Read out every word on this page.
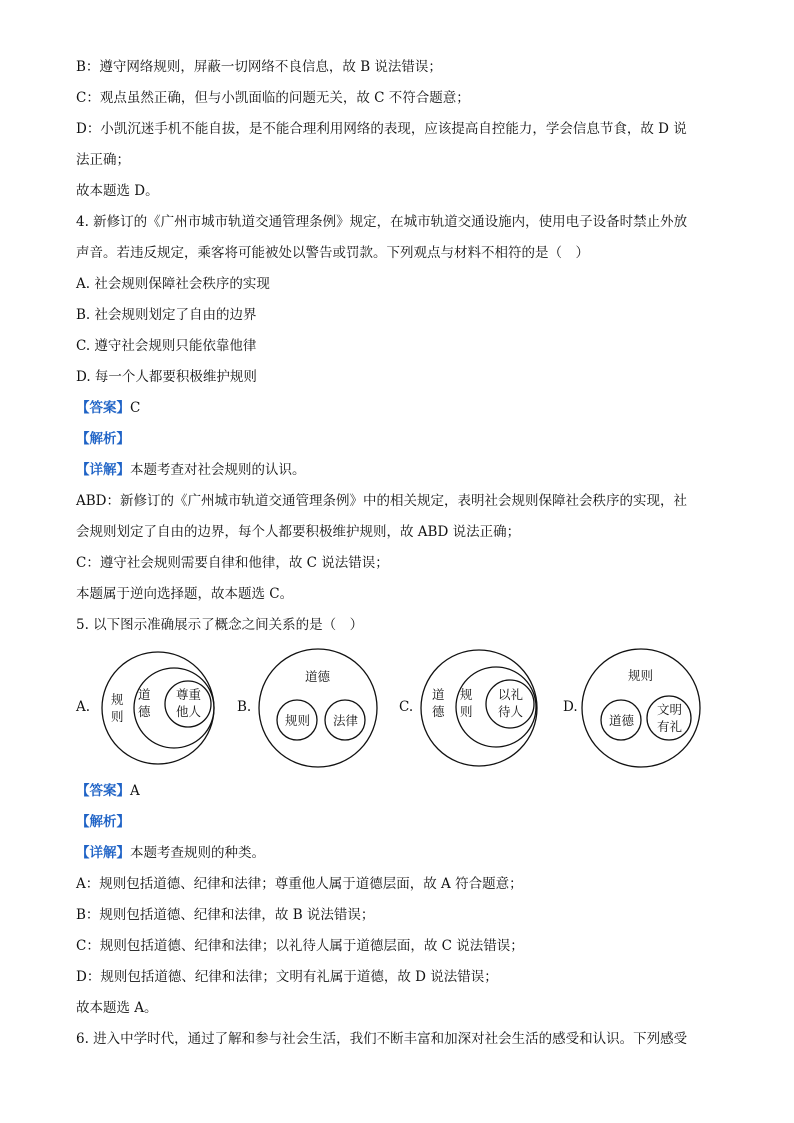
B：遵守网络规则，屏蔽一切网络不良信息，故 B 说法错误；
C：观点虽然正确，但与小凯面临的问题无关，故 C 不符合题意；
D：小凯沉迷手机不能自拔，是不能合理利用网络的表现，应该提高自控能力，学会信息节食，故 D 说
法正确；
故本题选 D。
4. 新修订的《广州市城市轨道交通管理条例》规定，在城市轨道交通设施内，使用电子设备时禁止外放
声音。若违反规定，乘客将可能被处以警告或罚款。下列观点与材料不相符的是（　）
A. 社会规则保障社会秩序的实现
B. 社会规则划定了自由的边界
C. 遵守社会规则只能依靠他律
D. 每一个人都要积极维护规则
【答案】C
【解析】
【详解】本题考查对社会规则的认识。
ABD：新修订的《广州城市轨道交通管理条例》中的相关规定，表明社会规则保障社会秩序的实现，社
会规则划定了自由的边界，每个人都要积极维护规则，故 ABD 说法正确；
C：遵守社会规则需要自律和他律，故 C 说法错误；
本题属于逆向选择题，故本题选 C。
5. 以下图示准确展示了概念之间关系的是（　）
A. 规
则
道
德
尊重
他人	B.
道德
规则 法律
C.
道
德
规
则
以礼
待人	D.
规则
道德
文明
有礼
【答案】A
【解析】
【详解】本题考查规则的种类。
A：规则包括道德、纪律和法律；尊重他人属于道德层面，故 A 符合题意；
B：规则包括道德、纪律和法律，故 B 说法错误；
C：规则包括道德、纪律和法律；以礼待人属于道德层面，故 C 说法错误；
D：规则包括道德、纪律和法律；文明有礼属于道德，故 D 说法错误；
故本题选 A。
6. 进入中学时代，通过了解和参与社会生活，我们不断丰富和加深对社会生活的感受和认识。下列感受
